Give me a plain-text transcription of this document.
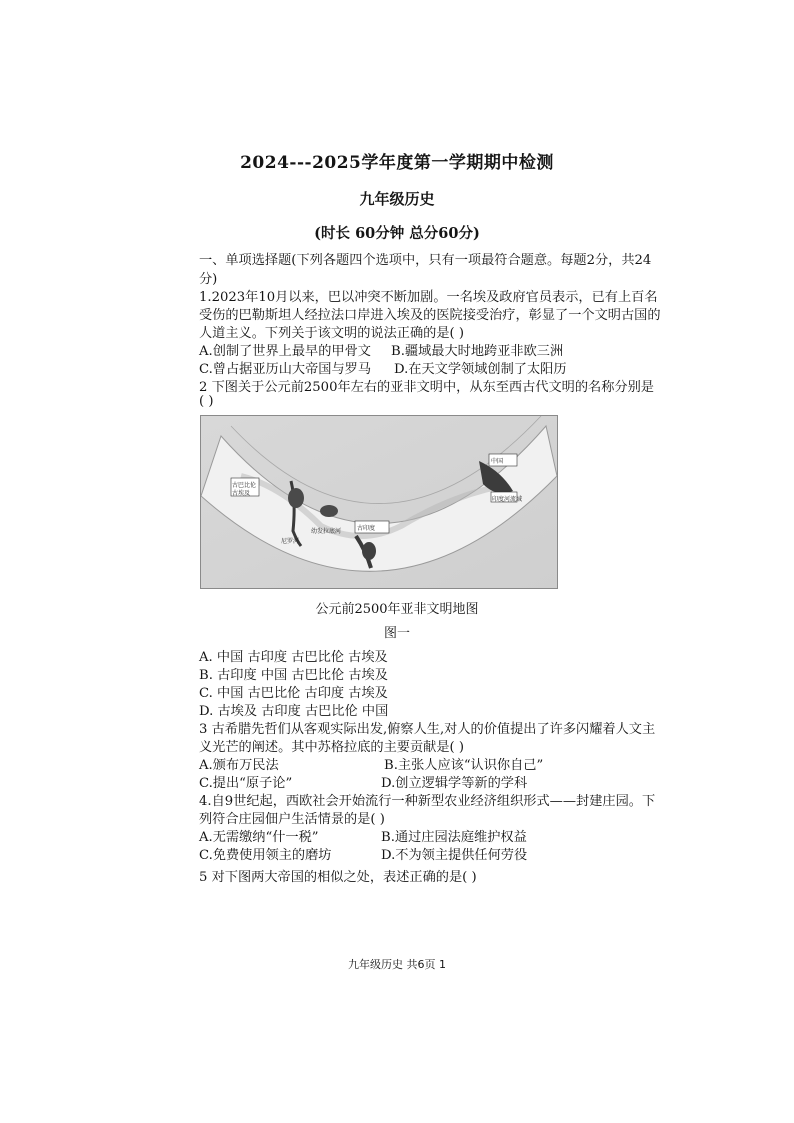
2024---2025学年度第一学期期中检测
九年级历史
(时长 60分钟 总分60分)
一、单项选择题(下列各题四个选项中，只有一项最符合题意。每题2分，共24
分)
1.2023年10月以来，巴以冲突不断加剧。一名埃及政府官员表示，已有上百名
受伤的巴勒斯坦人经拉法口岸进入埃及的医院接受治疗，彰显了一个文明古国的
人道主义。下列关于该文明的说法正确的是( )
A.创制了世界上最早的甲骨文 B.疆域最大时地跨亚非欧三洲
C.曾占据亚历山大帝国与罗马 D.在天文学领域创制了太阳历
2 下图关于公元前2500年左右的亚非文明中，从东至西古代文明的名称分别是
( )
古巴比伦
古埃及
古印度
中国
尼罗河
幼发拉底河
印度河流域
公元前2500年亚非文明地图
图一
A. 中国 古印度 古巴比伦 古埃及
B. 古印度 中国 古巴比伦 古埃及
C. 中国 古巴比伦 古印度 古埃及
D. 古埃及 古印度 古巴比伦 中国
3 古希腊先哲们从客观实际出发,俯察人生,对人的价值提出了许多闪耀着人文主
义光芒的阐述。其中苏格拉底的主要贡献是( )
A.颁布万民法	B.主张人应该“认识你自己”
C.提出“原子论”	D.创立逻辑学等新的学科
4.自9世纪起，西欧社会开始流行一种新型农业经济组织形式——封建庄园。下
列符合庄园佃户生活情景的是( )
A.无需缴纳“什一税”	B.通过庄园法庭维护权益
C.免费使用领主的磨坊	D.不为领主提供任何劳役
5 对下图两大帝国的相似之处，表述正确的是( )
九年级历史 共6页 1
